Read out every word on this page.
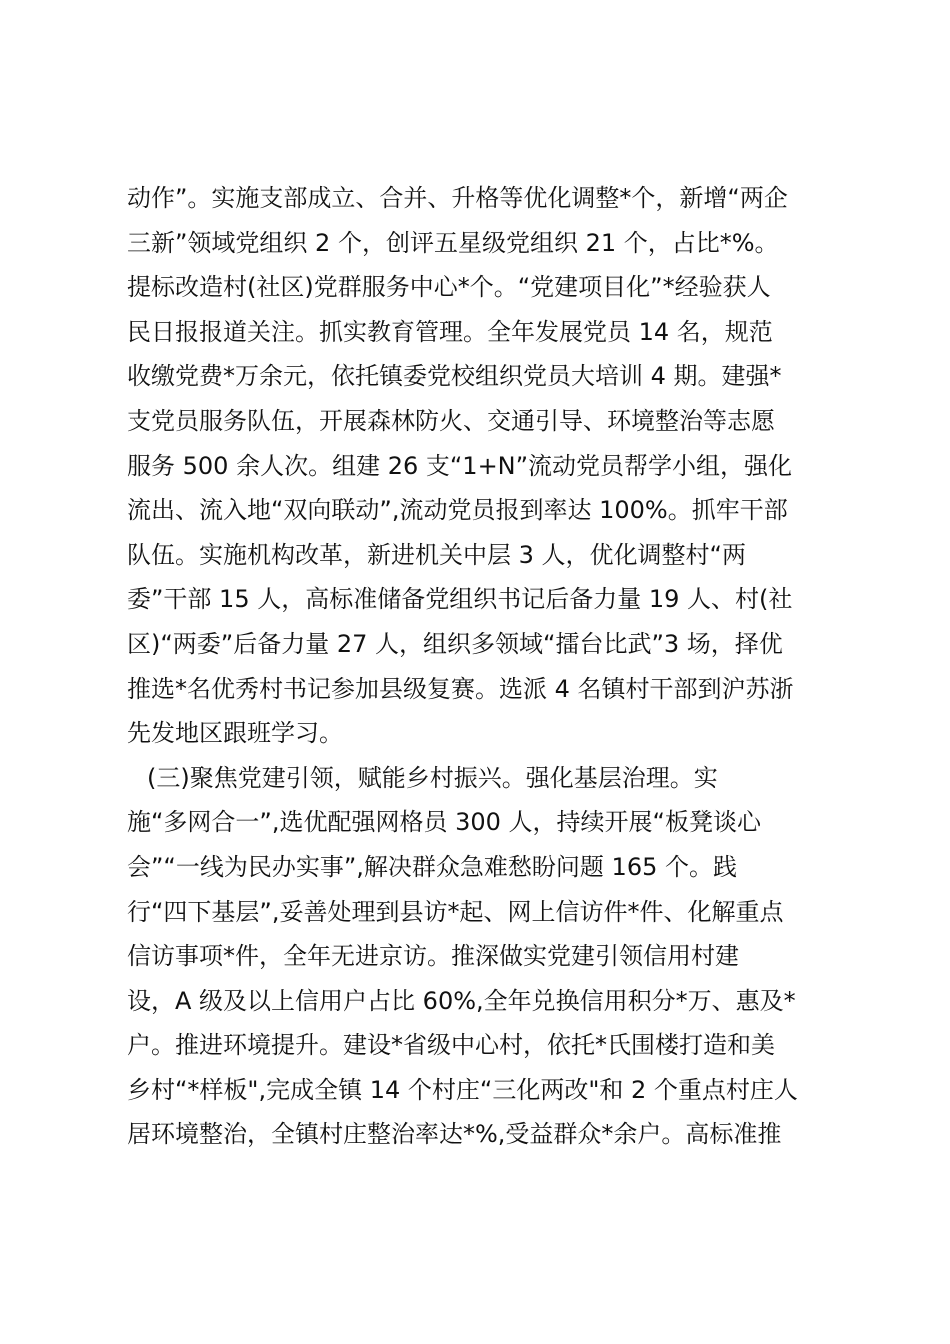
动作”。实施支部成立、合并、升格等优化调整*个，新增“两企
三新”领域党组织 2 个，创评五星级党组织 21 个，占比*%。
提标改造村(社区)党群服务中心*个。“党建项目化”*经验获人
民日报报道关注。抓实教育管理。全年发展党员 14 名，规范
收缴党费*万余元，依托镇委党校组织党员大培训 4 期。建强*
支党员服务队伍，开展森林防火、交通引导、环境整治等志愿
服务 500 余人次。组建 26 支“1+N”流动党员帮学小组，强化
流出、流入地“双向联动”,流动党员报到率达 100%。抓牢干部
队伍。实施机构改革，新进机关中层 3 人，优化调整村“两
委”干部 15 人，高标准储备党组织书记后备力量 19 人、村(社
区)“两委”后备力量 27 人，组织多领域“擂台比武”3 场，择优
推选*名优秀村书记参加县级复赛。选派 4 名镇村干部到沪苏浙
先发地区跟班学习。
(三)聚焦党建引领，赋能乡村振兴。强化基层治理。实
施“多网合一”,选优配强网格员 300 人，持续开展“板凳谈心
会”“一线为民办实事”,解决群众急难愁盼问题 165 个。践
行“四下基层”,妥善处理到县访*起、网上信访件*件、化解重点
信访事项*件，全年无进京访。推深做实党建引领信用村建
设，A 级及以上信用户占比 60%,全年兑换信用积分*万、惠及*
户。推进环境提升。建设*省级中心村，依托*氏围楼打造和美
乡村“*样板",完成全镇 14 个村庄“三化两改"和 2 个重点村庄人
居环境整治，全镇村庄整治率达*%,受益群众*余户。高标准推
